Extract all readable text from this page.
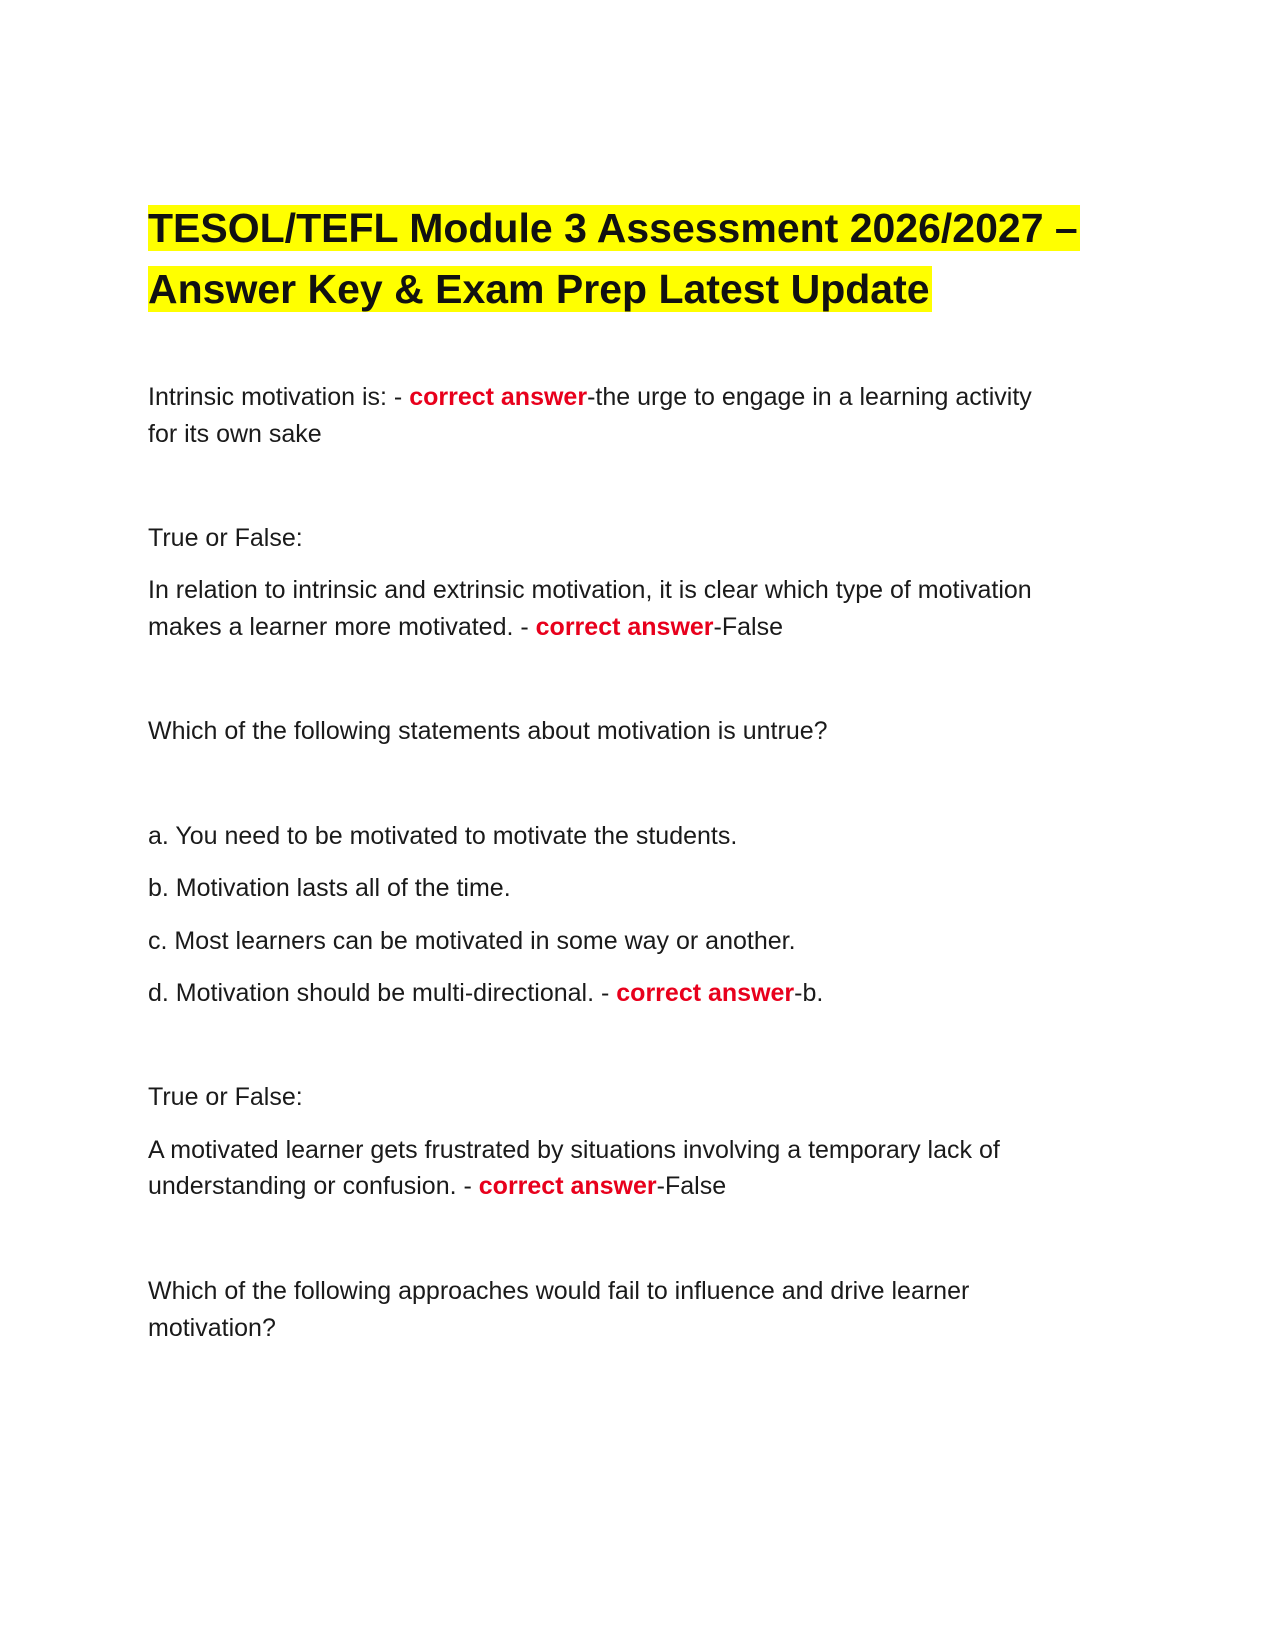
TESOL/TEFL Module 3 Assessment 2026/2027 –
Answer Key & Exam Prep Latest Update

Intrinsic motivation is: - correct answer-the urge to engage in a learning activity

for its own sake

True or False:

In relation to intrinsic and extrinsic motivation, it is clear which type of motivation

makes a learner more motivated. - correct answer-False

Which of the following statements about motivation is untrue?

a. You need to be motivated to motivate the students.

b. Motivation lasts all of the time.

c. Most learners can be motivated in some way or another.

d. Motivation should be multi-directional. - correct answer-b.

True or False:

A motivated learner gets frustrated by situations involving a temporary lack of

understanding or confusion. - correct answer-False

Which of the following approaches would fail to influence and drive learner

motivation?
